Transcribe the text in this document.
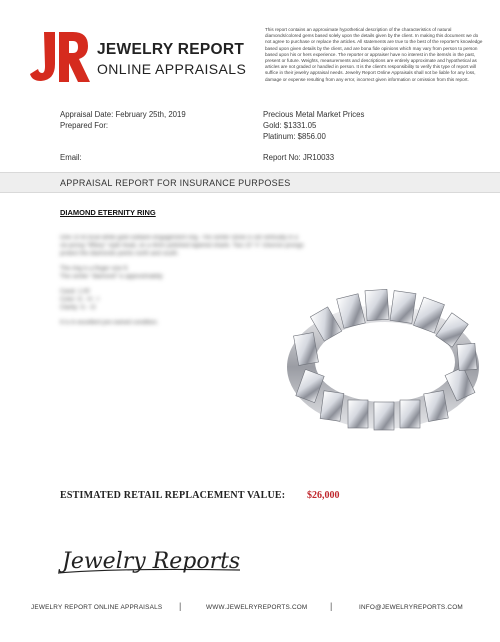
JEWELRY REPORT
ONLINE APPRAISALS
This report contains an approximate hypothetical description of the characteristics of natural diamonds/colored gems based solely upon the details given by the client. In making this document we do not agree to purchase or replace the articles. All statements are true to the best of the reporter's knowledge based upon given details by the client, and are bona fide opinions which may vary from person to person based upon his or hers experience. The reporter or appraiser have no interest in the items/s in the past, present or future. Weights, measurements and descriptions are entirely approximate and hypothetical as articles are not graded or handled in person. It is the client's responsibility to verify this type of report will suffice in their jewelry appraisal needs. Jewelry Report Online Appraisals shall not be liable for any loss, damage or expense resulting from any error, incorrect given information or omission from this report.
Appraisal Date: February 25th, 2019
Prepared For:
Precious Metal Market Prices
Gold: $1331.05
Platinum: $856.00
Email:	Report No: JR10033
APPRAISAL REPORT FOR INSURANCE PURPOSES
DIAMOND ETERNITY RING

One 10 kt local white gold solitaire engagement ring. The center stone is set vertically in a six-prong "tiffany" style head, on a 4mm polished tapered shank. Two 10 "v" chevron prongs protect the diamonds points north and south.

The ring is a finger size 9.
The center "diamond" is approximately

Carat: 1.00
Color: G - H - I
Clarity: I1 - I2

It is in excellent pre-owned condition.

ESTIMATED RETAIL REPLACEMENT VALUE: $26,000
Jewelry Reports
JEWELRY REPORT ONLINE APPRAISALS |	WWW.JEWELRYREPORTS.COM	|	INFO@JEWELRYREPORTS.COM
